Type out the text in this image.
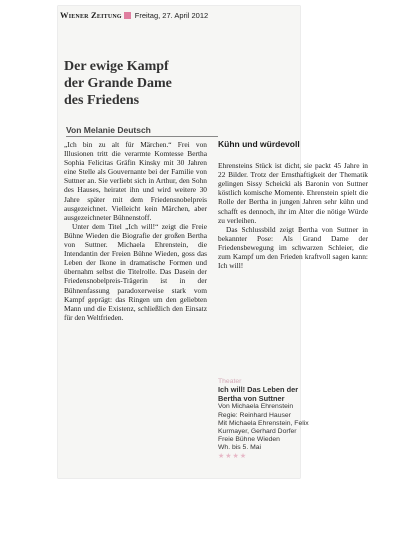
Wiener Zeitung Freitag, 27. April 2012
Der ewige Kampf
der Grande Dame
des Friedens
Von Melanie Deutsch

„Ich bin zu alt für Märchen.“ Frei von Illusionen tritt die verarmte Komtesse Bertha Sophia Felicitas Gräfin Kinsky mit 30 Jahren eine Stelle als Gouvernante bei der Familie von Suttner an. Sie verliebt sich in Arthur, den Sohn des Hauses, heiratet ihn und wird weitere 30 Jahre später mit dem Friedensnobelpreis ausgezeichnet. Vielleicht kein Märchen, aber ausgezeichneter Bühnenstoff.

Unter dem Titel „Ich will!“ zeigt die Freie Bühne Wieden die Biografie der großen Bertha von Suttner. Michaela Ehrenstein, die Intendantin der Freien Bühne Wieden, goss das Leben der Ikone in dramatische Formen und übernahm selbst die Titelrolle. Das Dasein der Friedensnobelpreis-Trägerin ist in der Bühnenfassung paradoxerweise stark vom Kampf geprägt: das Ringen um den geliebten Mann und die Existenz, schließlich den Einsatz für den Weltfrieden.

Kühn und würdevoll

Ehrensteins Stück ist dicht, sie packt 45 Jahre in 22 Bilder. Trotz der Ernsthaftigkeit der Thematik gelingen Sissy Scheicki als Baronin von Suttner köstlich komische Momente. Ehrenstein spielt die Rolle der Bertha in jungen Jahren sehr kühn und schafft es dennoch, ihr im Alter die nötige Würde zu verleihen.

Das Schlussbild zeigt Bertha von Suttner in bekannter Pose: Als Grand Dame der Friedensbewegung im schwarzen Schleier, die zum Kampf um den Frieden kraftvoll sagen kann: Ich will!

Theater
Ich will! Das Leben der
Bertha von Suttner
Von Michaela Ehrenstein
Regie: Reinhard Hauser
Mit Michaela Ehrenstein, Felix
Kurmayer, Gerhard Dorfer
Freie Bühne Wieden
Wh. bis 5. Mai
★★★★
